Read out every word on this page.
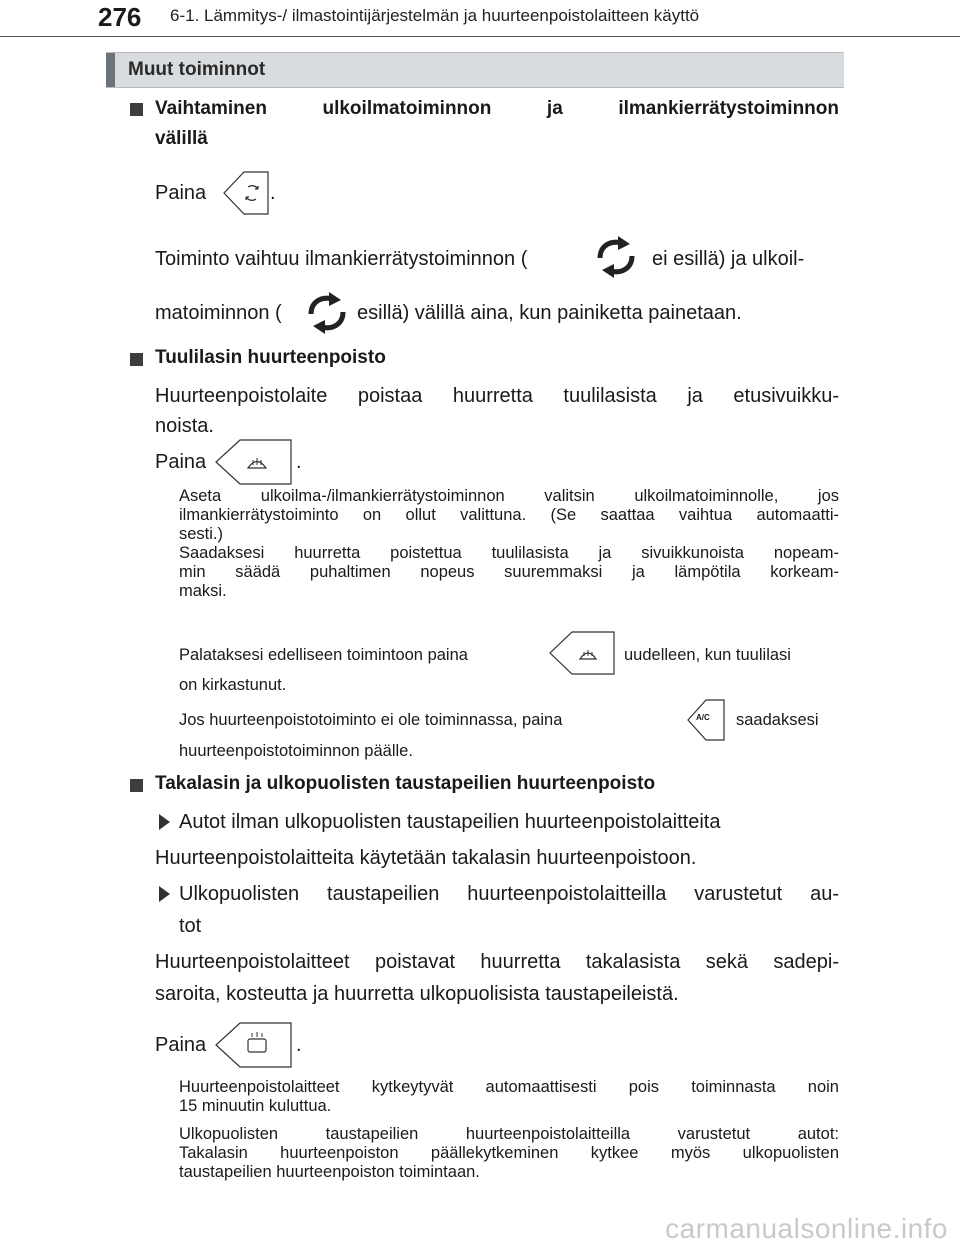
276 6-1. Lämmitys-/ ilmastointijärjestelmän ja huurteenpoistolaitteen käyttö
Muut toiminnot
Vaihtaminen ulkoilmatoiminnon ja ilmankierrätystoiminnon
välillä
Paina	.
Toiminto vaihtuu ilmankierrätystoiminnon (	ei esillä) ja ulkoil-
matoiminnon (	esillä) välillä aina, kun painiketta painetaan.
Tuulilasin huurteenpoisto
Huurteenpoistolaite poistaa huurretta tuulilasista ja etusivuikku-
noista.
Paina	.
Aseta ulkoilma-/ilmankierrätystoiminnon valitsin ulkoilmatoiminnolle, jos
ilmankierrätystoiminto on ollut valittuna. (Se saattaa vaihtua automaatti-
sesti.)
Saadaksesi huurretta poistettua tuulilasista ja sivuikkunoista nopeam-
min säädä puhaltimen nopeus suuremmaksi ja lämpötila korkeam-
maksi.
Palataksesi edelliseen toimintoon paina	uudelleen, kun tuulilasi
on kirkastunut.
Jos huurteenpoistotoiminto ei ole toiminnassa, paina	A/C saadaksesi
huurteenpoistotoiminnon päälle.
Takalasin ja ulkopuolisten taustapeilien huurteenpoisto
Autot ilman ulkopuolisten taustapeilien huurteenpoistolaitteita
Huurteenpoistolaitteita käytetään takalasin huurteenpoistoon.
Ulkopuolisten taustapeilien huurteenpoistolaitteilla varustetut au-
tot
Huurteenpoistolaitteet poistavat huurretta takalasista sekä sadepi-
saroita, kosteutta ja huurretta ulkopuolisista taustapeileistä.
Paina	.
Huurteenpoistolaitteet kytkeytyvät automaattisesti pois toiminnasta noin
15 minuutin kuluttua.
Ulkopuolisten taustapeilien huurteenpoistolaitteilla varustetut autot:
Takalasin huurteenpoiston päällekytkeminen kytkee myös ulkopuolisten
taustapeilien huurteenpoiston toimintaan.
carmanualsonline.info
